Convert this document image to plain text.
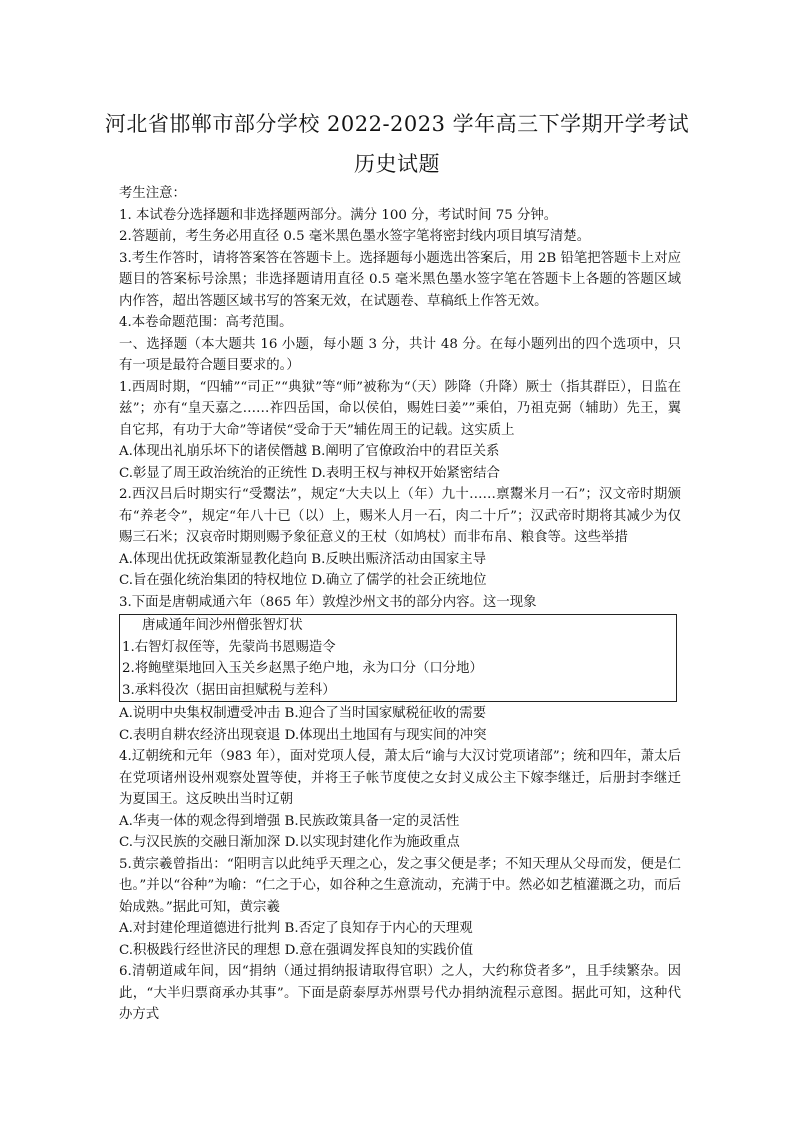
河北省邯郸市部分学校 2022-2023 学年高三下学期开学考试
历史试题

考生注意：

1. 本试卷分选择题和非选择题两部分。满分 100 分，考试时间 75 分钟。

2.答题前，考生务必用直径 0.5 毫米黑色墨水签字笔将密封线内项目填写清楚。

3.考生作答时，请将答案答在答题卡上。选择题每小题选出答案后，用 2B 铅笔把答题卡上对应题目的答案标号涂黑；非选择题请用直径 0.5 毫米黑色墨水签字笔在答题卡上各题的答题区域内作答，超出答题区域书写的答案无效，在试题卷、草稿纸上作答无效。

4.本卷命题范围：高考范围。

一、选择题（本大题共 16 小题，每小题 3 分，共计 48 分。在每小题列出的四个选项中，只有一项是最符合题目要求的。）

1.西周时期，“四辅”“司正”“典狱”等“师”被称为“（天）陟降（升降）厥士（指其群臣），日监在兹”；亦有“皇天嘉之……祚四岳国，命以侯伯，赐姓曰姜””乘伯，乃祖克弼（辅助）先王，翼自它邦，有功于大命”等诸侯“受命于天”辅佐周王的记载。这实质上

A.体现出礼崩乐坏下的诸侯僭越 B.阐明了官僚政治中的君臣关系

C.彰显了周王政治统治的正统性 D.表明王权与神权开始紧密结合

2.西汉吕后时期实行“受鬻法”，规定“大夫以上（年）九十……禀鬻米月一石”；汉文帝时期颁布“养老令”，规定“年八十已（以）上，赐米人月一石，肉二十斤”；汉武帝时期将其减少为仅赐三石米；汉哀帝时期则赐予象征意义的王杖（如鸠杖）而非布帛、粮食等。这些举措

A.体现出优抚政策渐显教化趋向 B.反映出赈济活动由国家主导

C.旨在强化统治集团的特权地位 D.确立了儒学的社会正统地位

3.下面是唐朝咸通六年（865 年）敦煌沙州文书的部分内容。这一现象

唐咸通年间沙州僧张智灯状

1.右智灯叔侄等，先蒙尚书恩赐造令

2.将鲍壁渠地回入玉关乡赵黑子绝户地，永为口分（口分地）

3.承料役次（据田亩担赋税与差科）

A.说明中央集权制遭受冲击 B.迎合了当时国家赋税征收的需要

C.表明自耕农经济出现衰退 D.体现出土地国有与现实间的冲突

4.辽朝统和元年（983 年），面对党项人侵，萧太后“谕与大汉讨党项诸部”；统和四年，萧太后在党项诸州设州观察处置等使，并将王子帐节度使之女封义成公主下嫁李继迁，后册封李继迁为夏国王。这反映出当时辽朝

A.华夷一体的观念得到增强 B.民族政策具备一定的灵活性

C.与汉民族的交融日渐加深 D.以实现封建化作为施政重点

5.黄宗羲曾指出：“阳明言以此纯乎天理之心，发之事父便是孝；不知天理从父母而发，便是仁也。”并以“谷种”为喻：“仁之于心，如谷种之生意流动，充满于中。然必如艺植灌溉之功，而后始成熟。”据此可知，黄宗羲

A.对封建伦理道德进行批判 B.否定了良知存于内心的天理观

C.积极践行经世济民的理想 D.意在强调发挥良知的实践价值

6.清朝道咸年间，因“捐纳（通过捐纳报请取得官职）之人，大约称贷者多”，且手续繁杂。因此，“大半归票商承办其事”。下面是蔚泰厚苏州票号代办捐纳流程示意图。据此可知，这种代办方式
